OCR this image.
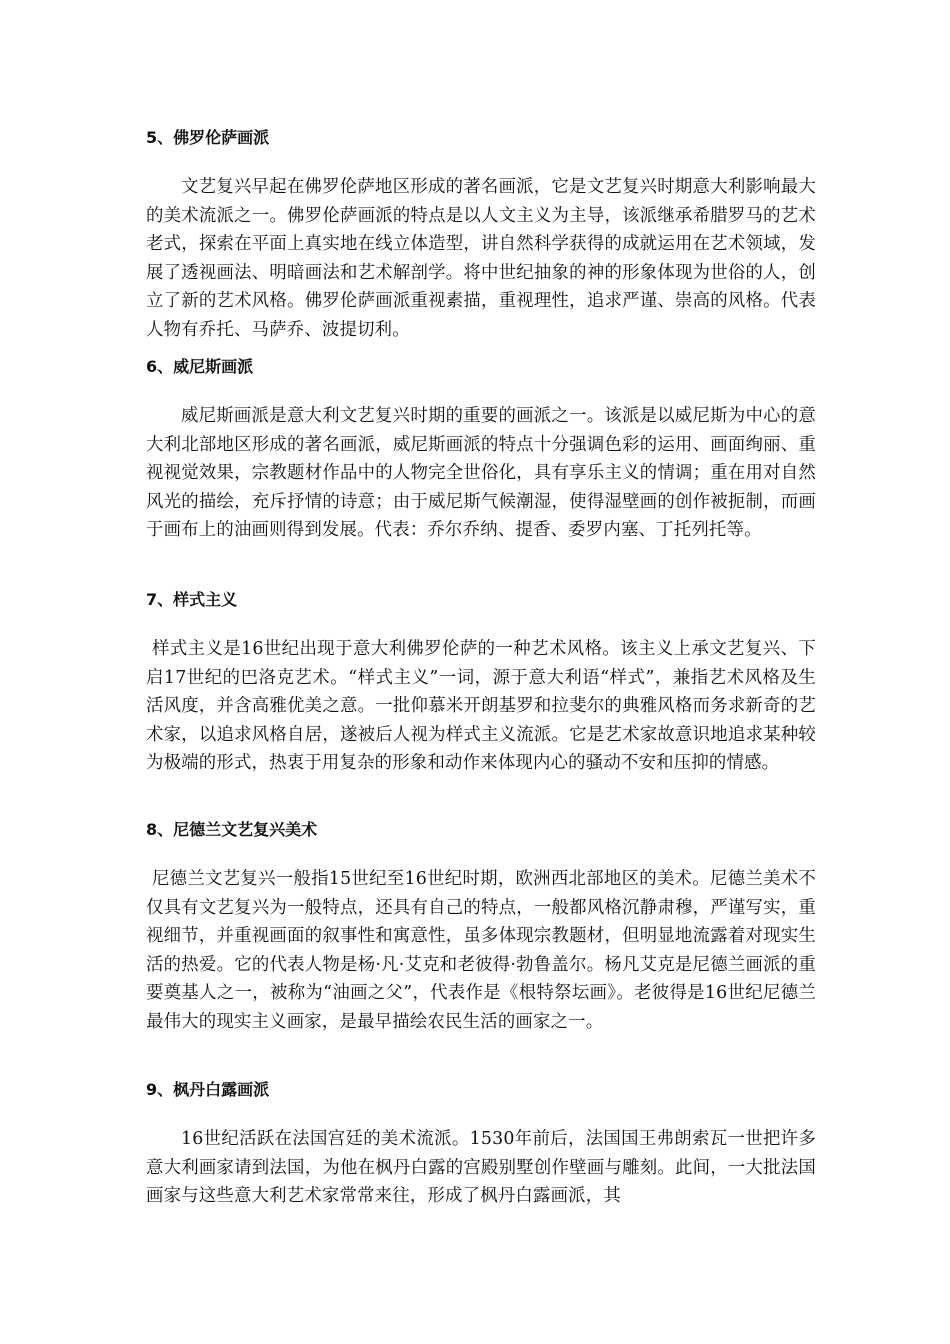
5、佛罗伦萨画派

文艺复兴早起在佛罗伦萨地区形成的著名画派，它是文艺复兴时期意大利影响最大的美术流派之一。佛罗伦萨画派的特点是以人文主义为主导，该派继承希腊罗马的艺术老式，探索在平面上真实地在线立体造型，讲自然科学获得的成就运用在艺术领域，发展了透视画法、明暗画法和艺术解剖学。将中世纪抽象的神的形象体现为世俗的人，创立了新的艺术风格。佛罗伦萨画派重视素描，重视理性，追求严谨、崇高的风格。代表人物有乔托、马萨乔、波提切利。

6、威尼斯画派

威尼斯画派是意大利文艺复兴时期的重要的画派之一。该派是以威尼斯为中心的意大利北部地区形成的著名画派，威尼斯画派的特点十分强调色彩的运用、画面绚丽、重视视觉效果，宗教题材作品中的人物完全世俗化，具有享乐主义的情调；重在用对自然风光的描绘，充斥抒情的诗意；由于威尼斯气候潮湿，使得湿壁画的创作被扼制，而画于画布上的油画则得到发展。代表：乔尔乔纳、提香、委罗内塞、丁托列托等。

7、样式主义

样式主义是16世纪出现于意大利佛罗伦萨的一种艺术风格。该主义上承文艺复兴、下启17世纪的巴洛克艺术。“样式主义”一词，源于意大利语“样式”，兼指艺术风格及生活风度，并含高雅优美之意。一批仰慕米开朗基罗和拉斐尔的典雅风格而务求新奇的艺术家，以追求风格自居，遂被后人视为样式主义流派。它是艺术家故意识地追求某种较为极端的形式，热衷于用复杂的形象和动作来体现内心的骚动不安和压抑的情感。

8、尼德兰文艺复兴美术

尼德兰文艺复兴一般指15世纪至16世纪时期，欧洲西北部地区的美术。尼德兰美术不仅具有文艺复兴为一般特点，还具有自己的特点，一般都风格沉静肃穆，严谨写实，重视细节，并重视画面的叙事性和寓意性，虽多体现宗教题材，但明显地流露着对现实生活的热爱。它的代表人物是杨·凡·艾克和老彼得·勃鲁盖尔。杨凡艾克是尼德兰画派的重要奠基人之一，被称为“油画之父”，代表作是《根特祭坛画》。老彼得是16世纪尼德兰最伟大的现实主义画家，是最早描绘农民生活的画家之一。

9、枫丹白露画派

16世纪活跃在法国宫廷的美术流派。1530年前后，法国国王弗朗索瓦一世把许多意大利画家请到法国，为他在枫丹白露的宫殿别墅创作壁画与雕刻。此间，一大批法国画家与这些意大利艺术家常常来往，形成了枫丹白露画派，其
